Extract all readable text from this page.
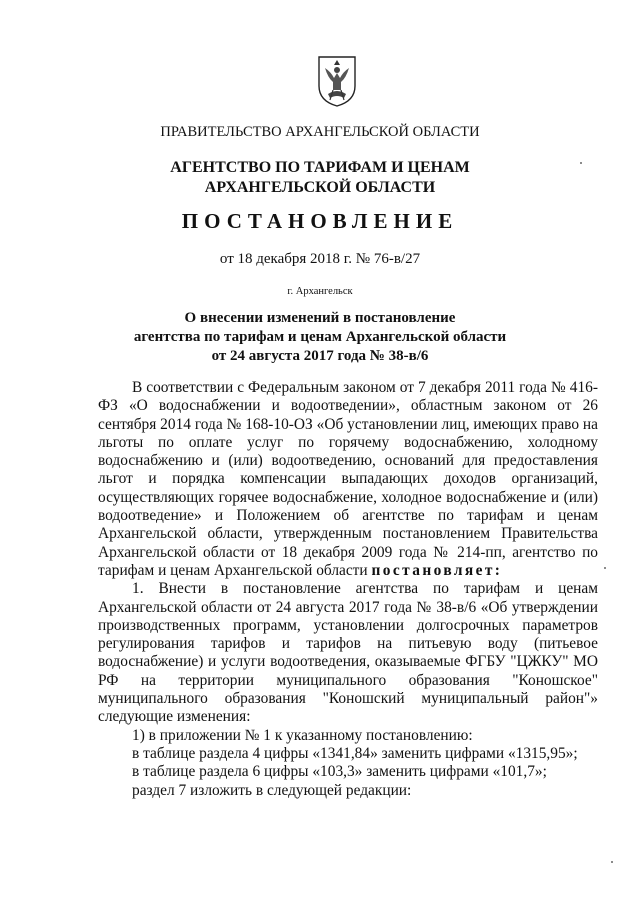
ПРАВИТЕЛЬСТВО АРХАНГЕЛЬСКОЙ ОБЛАСТИ
АГЕНТСТВО ПО ТАРИФАМ И ЦЕНАМ
АРХАНГЕЛЬСКОЙ ОБЛАСТИ
ПОСТАНОВЛЕНИЕ
от 18 декабря 2018 г. № 76-в/27
г. Архангельск
О внесении изменений в постановление
агентства по тарифам и ценам Архангельской области
от 24 августа 2017 года № 38-в/6

В соответствии с Федеральным законом от 7 декабря 2011 года № 416-ФЗ «О водоснабжении и водоотведении», областным законом от 26 сентября 2014 года № 168-10-ОЗ «Об установлении лиц, имеющих право на льготы по оплате услуг по горячему водоснабжению, холодному водоснабжению и (или) водоотведению, оснований для предоставления льгот и порядка компенсации выпадающих доходов организаций, осуществляющих горячее водоснабжение, холодное водоснабжение и (или) водоотведение» и Положением об агентстве по тарифам и ценам Архангельской области, утвержденным постановлением Правительства Архангельской области от 18 декабря 2009 года № 214-пп, агентство по тарифам и ценам Архангельской области постановляет:

1. Внести в постановление агентства по тарифам и ценам Архангельской области от 24 августа 2017 года № 38-в/6 «Об утверждении производственных программ, установлении долгосрочных параметров регулирования тарифов и тарифов на питьевую воду (питьевое водоснабжение) и услуги водоотведения, оказываемые ФГБУ "ЦЖКУ" МО РФ на территории муниципального образования "Коношское" муниципального образования "Коношский муниципальный район"» следующие изменения:

1) в приложении № 1 к указанному постановлению:

в таблице раздела 4 цифры «1341,84» заменить цифрами «1315,95»;

в таблице раздела 6 цифры «103,3» заменить цифрами «101,7»;

раздел 7 изложить в следующей редакции:
